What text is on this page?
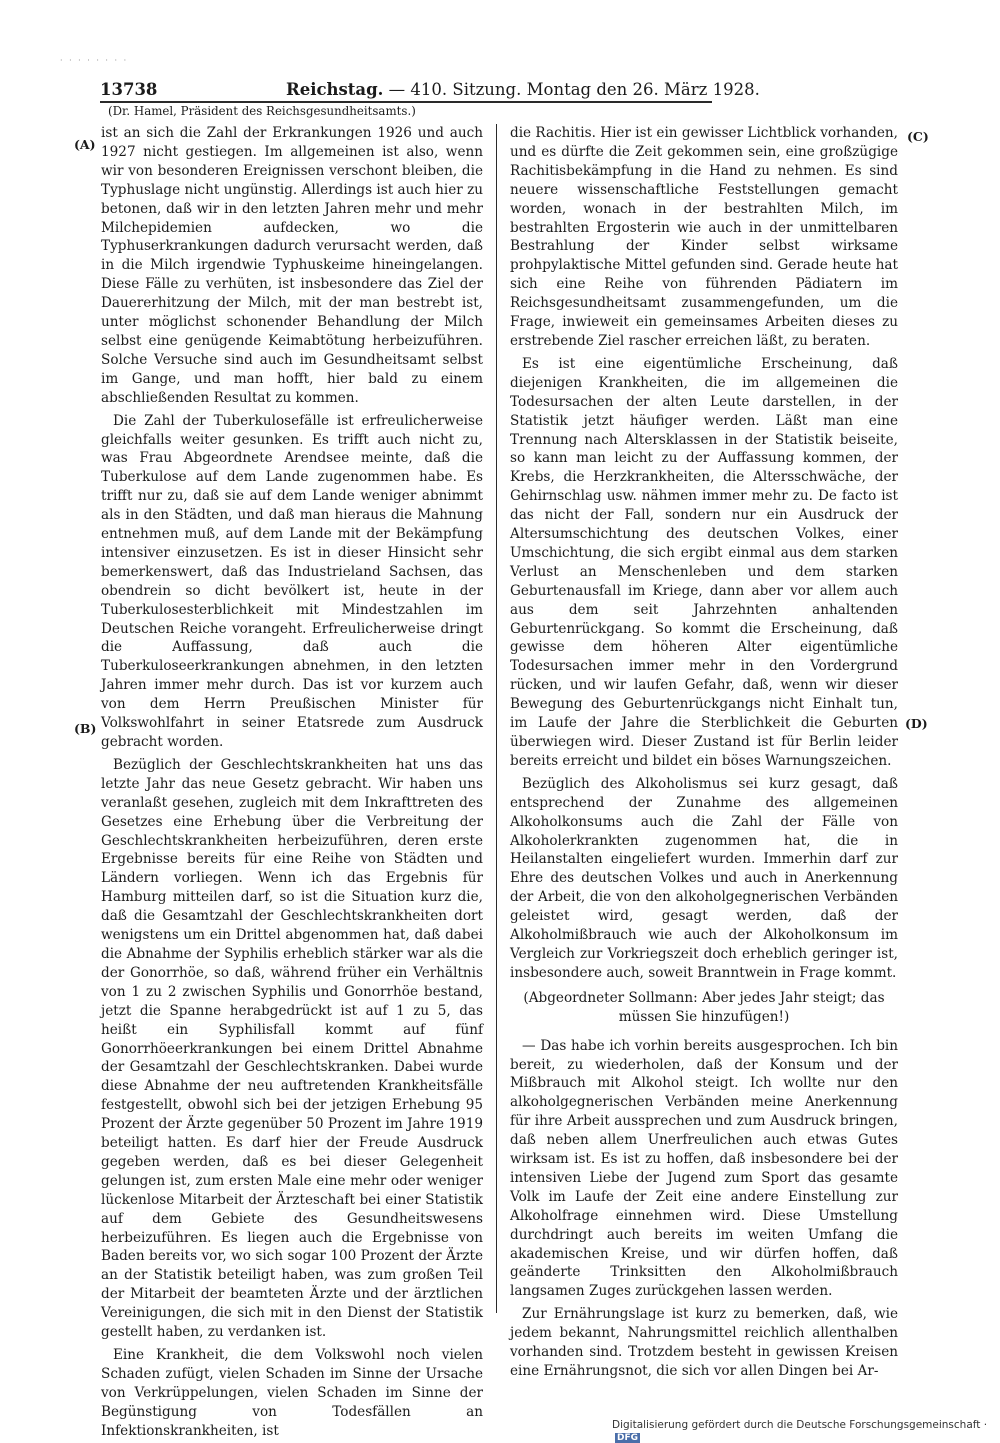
· · · · · · · ·
13738	Reichstag. — 410. Sitzung. Montag den 26. März 1928.
(Dr. Hamel, Präsident des Reichsgesundheitsamts.)
(A)
(B)
(C)
(D)

ist an sich die Zahl der Erkrankungen 1926 und auch 1927 nicht gestiegen. Im allgemeinen ist also, wenn wir von besonderen Ereignissen verschont bleiben, die Typhuslage nicht ungünstig. Allerdings ist auch hier zu betonen, daß wir in den letzten Jahren mehr und mehr Milchepidemien aufdecken, wo die Typhuserkrankungen dadurch verursacht werden, daß in die Milch irgendwie Typhuskeime hineingelangen. Diese Fälle zu verhüten, ist insbesondere das Ziel der Dauererhitzung der Milch, mit der man bestrebt ist, unter möglichst schonender Behandlung der Milch selbst eine genügende Keimabtötung herbeizuführen. Solche Versuche sind auch im Gesundheitsamt selbst im Gange, und man hofft, hier bald zu einem abschließenden Resultat zu kommen.

Die Zahl der Tuberkulosefälle ist erfreulicherweise gleichfalls weiter gesunken. Es trifft auch nicht zu, was Frau Abgeordnete Arendsee meinte, daß die Tuberkulose auf dem Lande zugenommen habe. Es trifft nur zu, daß sie auf dem Lande weniger abnimmt als in den Städten, und daß man hieraus die Mahnung entnehmen muß, auf dem Lande mit der Bekämpfung intensiver einzusetzen. Es ist in dieser Hinsicht sehr bemerkenswert, daß das Industrieland Sachsen, das obendrein so dicht bevölkert ist, heute in der Tuberkulosesterblichkeit mit Mindestzahlen im Deutschen Reiche vorangeht. Erfreulicherweise dringt die Auffassung, daß auch die Tuberkuloseerkrankungen abnehmen, in den letzten Jahren immer mehr durch. Das ist vor kurzem auch von dem Herrn Preußischen Minister für Volkswohlfahrt in seiner Etatsrede zum Ausdruck gebracht worden.

Bezüglich der Geschlechtskrankheiten hat uns das letzte Jahr das neue Gesetz gebracht. Wir haben uns veranlaßt gesehen, zugleich mit dem Inkrafttreten des Gesetzes eine Erhebung über die Verbreitung der Geschlechtskrankheiten herbeizuführen, deren erste Ergebnisse bereits für eine Reihe von Städten und Ländern vorliegen. Wenn ich das Ergebnis für Hamburg mitteilen darf, so ist die Situation kurz die, daß die Gesamtzahl der Geschlechtskrankheiten dort wenigstens um ein Drittel abgenommen hat, daß dabei die Abnahme der Syphilis erheblich stärker war als die der Gonorrhöe, so daß, während früher ein Verhältnis von 1 zu 2 zwischen Syphilis und Gonorrhöe bestand, jetzt die Spanne herabgedrückt ist auf 1 zu 5, das heißt ein Syphilisfall kommt auf fünf Gonorrhöeerkrankungen bei einem Drittel Abnahme der Gesamtzahl der Geschlechtskranken. Dabei wurde diese Abnahme der neu auftretenden Krankheitsfälle festgestellt, obwohl sich bei der jetzigen Erhebung 95 Prozent der Ärzte gegenüber 50 Prozent im Jahre 1919 beteiligt hatten. Es darf hier der Freude Ausdruck gegeben werden, daß es bei dieser Gelegenheit gelungen ist, zum ersten Male eine mehr oder weniger lückenlose Mitarbeit der Ärzteschaft bei einer Statistik auf dem Gebiete des Gesundheitswesens herbeizuführen. Es liegen auch die Ergebnisse von Baden bereits vor, wo sich sogar 100 Prozent der Ärzte an der Statistik beteiligt haben, was zum großen Teil der Mitarbeit der beamteten Ärzte und der ärztlichen Vereinigungen, die sich mit in den Dienst der Statistik gestellt haben, zu verdanken ist.

Eine Krankheit, die dem Volkswohl noch vielen Schaden zufügt, vielen Schaden im Sinne der Ursache von Verkrüppelungen, vielen Schaden im Sinne der Begünstigung von Todesfällen an Infektionskrankheiten, ist

die Rachitis. Hier ist ein gewisser Lichtblick vorhanden, und es dürfte die Zeit gekommen sein, eine großzügige Rachitisbekämpfung in die Hand zu nehmen. Es sind neuere wissenschaftliche Feststellungen gemacht worden, wonach in der bestrahlten Milch, im bestrahlten Ergosterin wie auch in der unmittelbaren Bestrahlung der Kinder selbst wirksame prohpylaktische Mittel gefunden sind. Gerade heute hat sich eine Reihe von führenden Pädiatern im Reichsgesundheitsamt zusammengefunden, um die Frage, inwieweit ein gemeinsames Arbeiten dieses zu erstrebende Ziel rascher erreichen läßt, zu beraten.

Es ist eine eigentümliche Erscheinung, daß diejenigen Krankheiten, die im allgemeinen die Todesursachen der alten Leute darstellen, in der Statistik jetzt häufiger werden. Läßt man eine Trennung nach Altersklassen in der Statistik beiseite, so kann man leicht zu der Auffassung kommen, der Krebs, die Herzkrankheiten, die Altersschwäche, der Gehirnschlag usw. nähmen immer mehr zu. De facto ist das nicht der Fall, sondern nur ein Ausdruck der Altersumschichtung des deutschen Volkes, einer Umschichtung, die sich ergibt einmal aus dem starken Verlust an Menschenleben und dem starken Geburtenausfall im Kriege, dann aber vor allem auch aus dem seit Jahrzehnten anhaltenden Geburtenrückgang. So kommt die Erscheinung, daß gewisse dem höheren Alter eigentümliche Todesursachen immer mehr in den Vordergrund rücken, und wir laufen Gefahr, daß, wenn wir dieser Bewegung des Geburtenrückgangs nicht Einhalt tun, im Laufe der Jahre die Sterblichkeit die Geburten überwiegen wird. Dieser Zustand ist für Berlin leider bereits erreicht und bildet ein böses Warnungszeichen.

Bezüglich des Alkoholismus sei kurz gesagt, daß entsprechend der Zunahme des allgemeinen Alkoholkonsums auch die Zahl der Fälle von Alkoholerkrankten zugenommen hat, die in Heilanstalten eingeliefert wurden. Immerhin darf zur Ehre des deutschen Volkes und auch in Anerkennung der Arbeit, die von den alkoholgegnerischen Verbänden geleistet wird, gesagt werden, daß der Alkoholmißbrauch wie auch der Alkoholkonsum im Vergleich zur Vorkriegszeit doch erheblich geringer ist, insbesondere auch, soweit Branntwein in Frage kommt.

(Abgeordneter Sollmann: Aber jedes Jahr steigt; das müssen Sie hinzufügen!)

— Das habe ich vorhin bereits ausgesprochen. Ich bin bereit, zu wiederholen, daß der Konsum und der Mißbrauch mit Alkohol steigt. Ich wollte nur den alkoholgegnerischen Verbänden meine Anerkennung für ihre Arbeit aussprechen und zum Ausdruck bringen, daß neben allem Unerfreulichen auch etwas Gutes wirksam ist. Es ist zu hoffen, daß insbesondere bei der intensiven Liebe der Jugend zum Sport das gesamte Volk im Laufe der Zeit eine andere Einstellung zur Alkoholfrage einnehmen wird. Diese Umstellung durchdringt auch bereits im weiten Umfang die akademischen Kreise, und wir dürfen hoffen, daß geänderte Trinksitten den Alkoholmißbrauch langsamen Zuges zurückgehen lassen werden.

Zur Ernährungslage ist kurz zu bemerken, daß, wie jedem bekannt, Nahrungsmittel reichlich allenthalben vorhanden sind. Trotzdem besteht in gewissen Kreisen eine Ernährungsnot, die sich vor allen Dingen bei Ar-

Digitalisierung gefördert durch die Deutsche Forschungsgemeinschaft ·DFG
